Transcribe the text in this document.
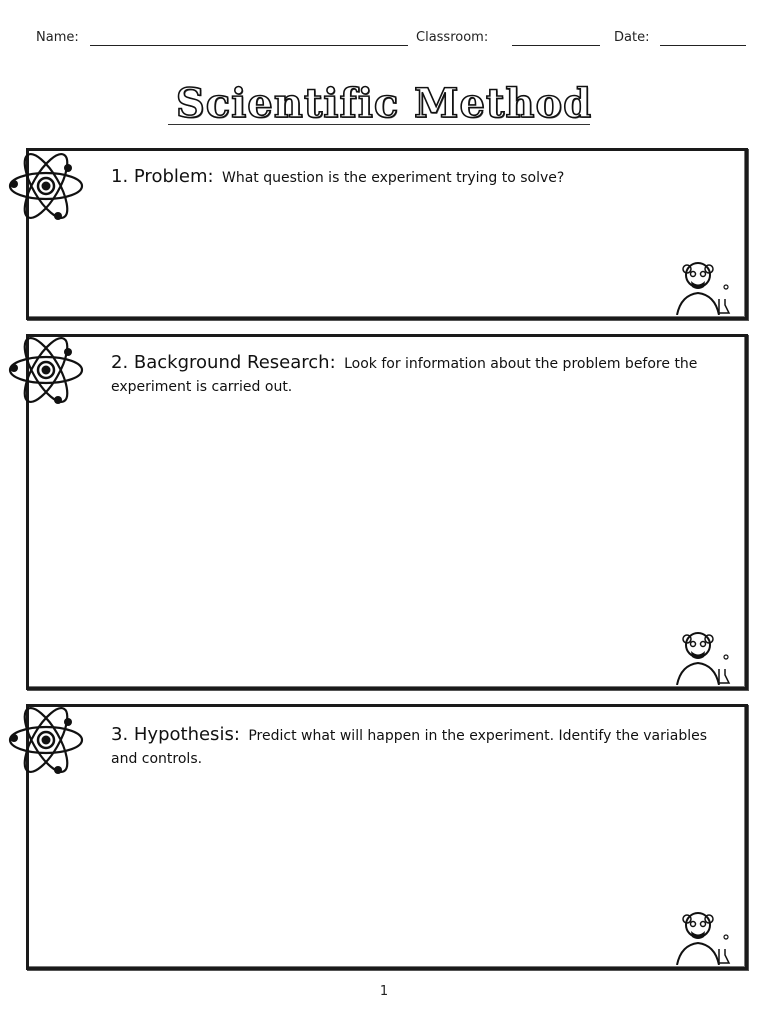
Name:	Classroom:	Date:
Scientific Method
1. Problem: What question is the experiment trying to solve?
2. Background Research: Look for information about the problem before the experiment is carried out.
3. Hypothesis: Predict what will happen in the experiment. Identify the variables and controls.
1
